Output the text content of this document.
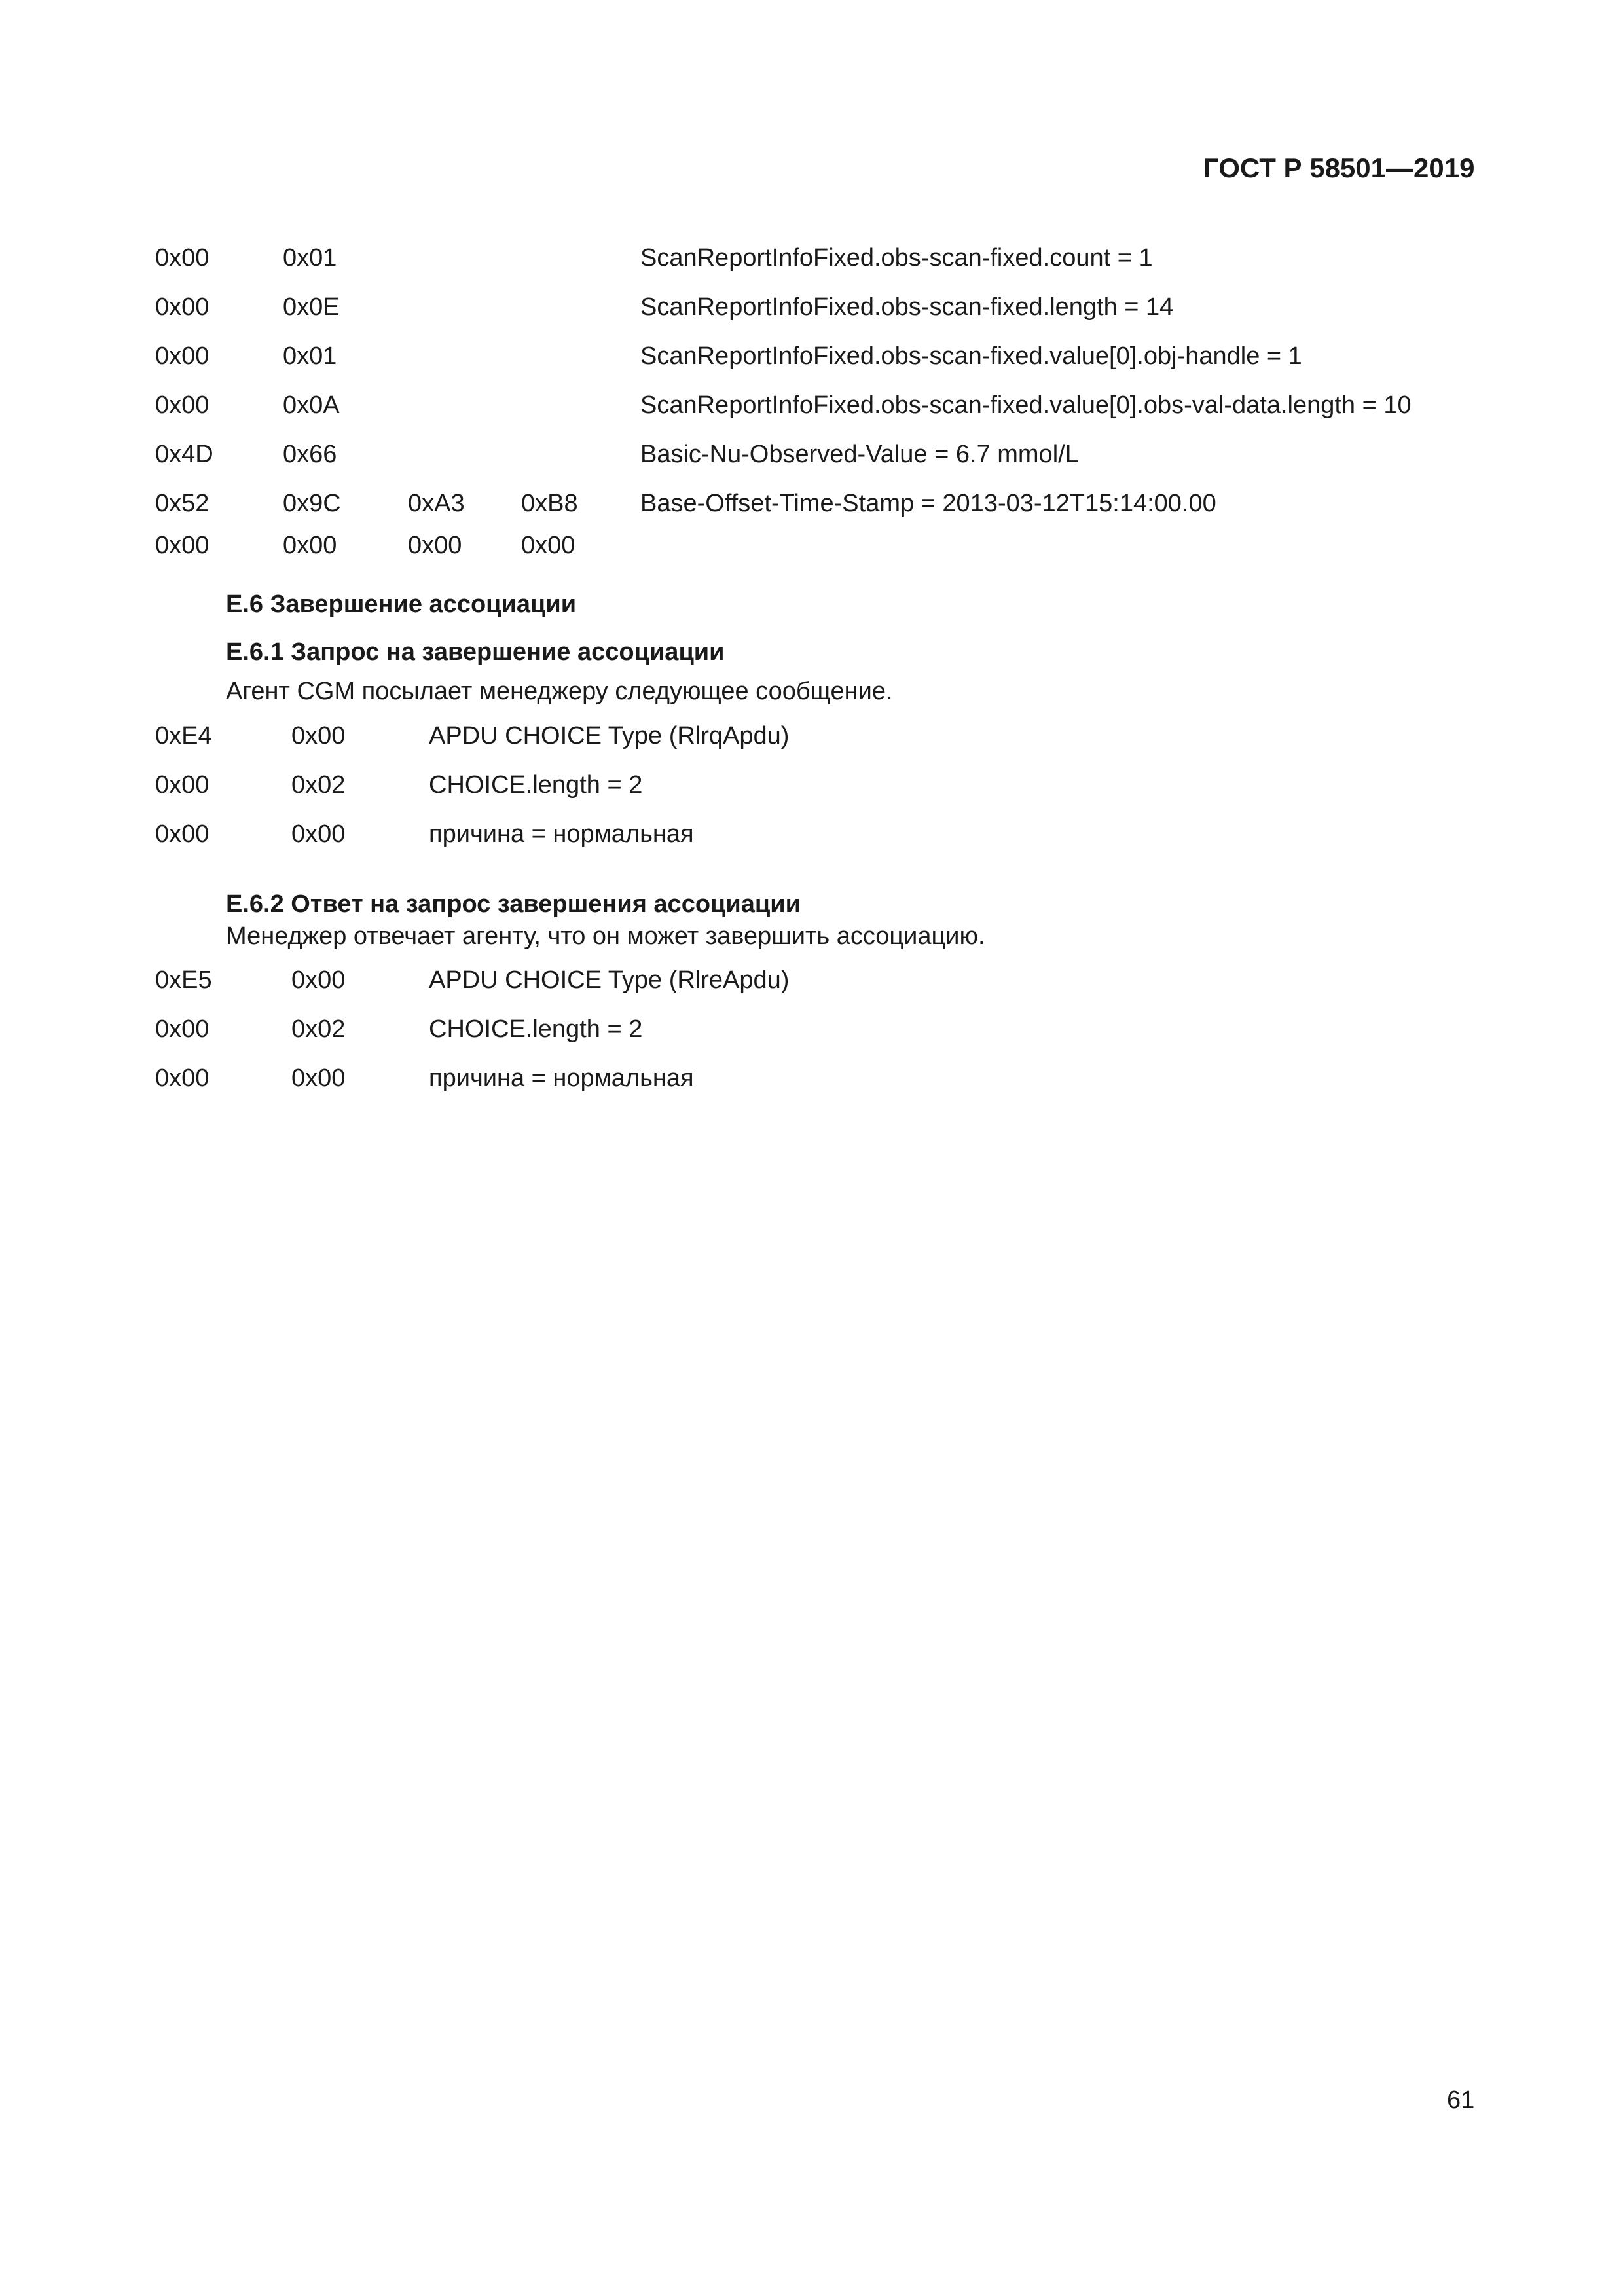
ГОСТ Р 58501—2019
0x00	0x01	ScanReportInfoFixed.obs-scan-fixed.count = 1
0x00	0x0E	ScanReportInfoFixed.obs-scan-fixed.length = 14
0x00	0x01	ScanReportInfoFixed.obs-scan-fixed.value[0].obj-handle = 1
0x00	0x0A	ScanReportInfoFixed.obs-scan-fixed.value[0].obs-val-data.length = 10
0x4D	0x66	Basic-Nu-Observed-Value = 6.7 mmol/L
0x52	0x9C	0xA3 0xB8	Base-Offset-Time-Stamp = 2013-03-12T15:14:00.00
0x00	0x00	0x00 0x00
Е.6 Завершение ассоциации
Е.6.1 Запрос на завершение ассоциации
Агент CGM посылает менеджеру следующее сообщение.
0xE4	0x00	APDU CHOICE Type (RlrqApdu)
0x00	0x02	CHOICE.length = 2
0x00	0x00	причина = нормальная
Е.6.2 Ответ на запрос завершения ассоциации
Менеджер отвечает агенту, что он может завершить ассоциацию.
0xE5	0x00	APDU CHOICE Type (RlreApdu)
0x00	0x02	CHOICE.length = 2
0x00	0x00	причина = нормальная
61
